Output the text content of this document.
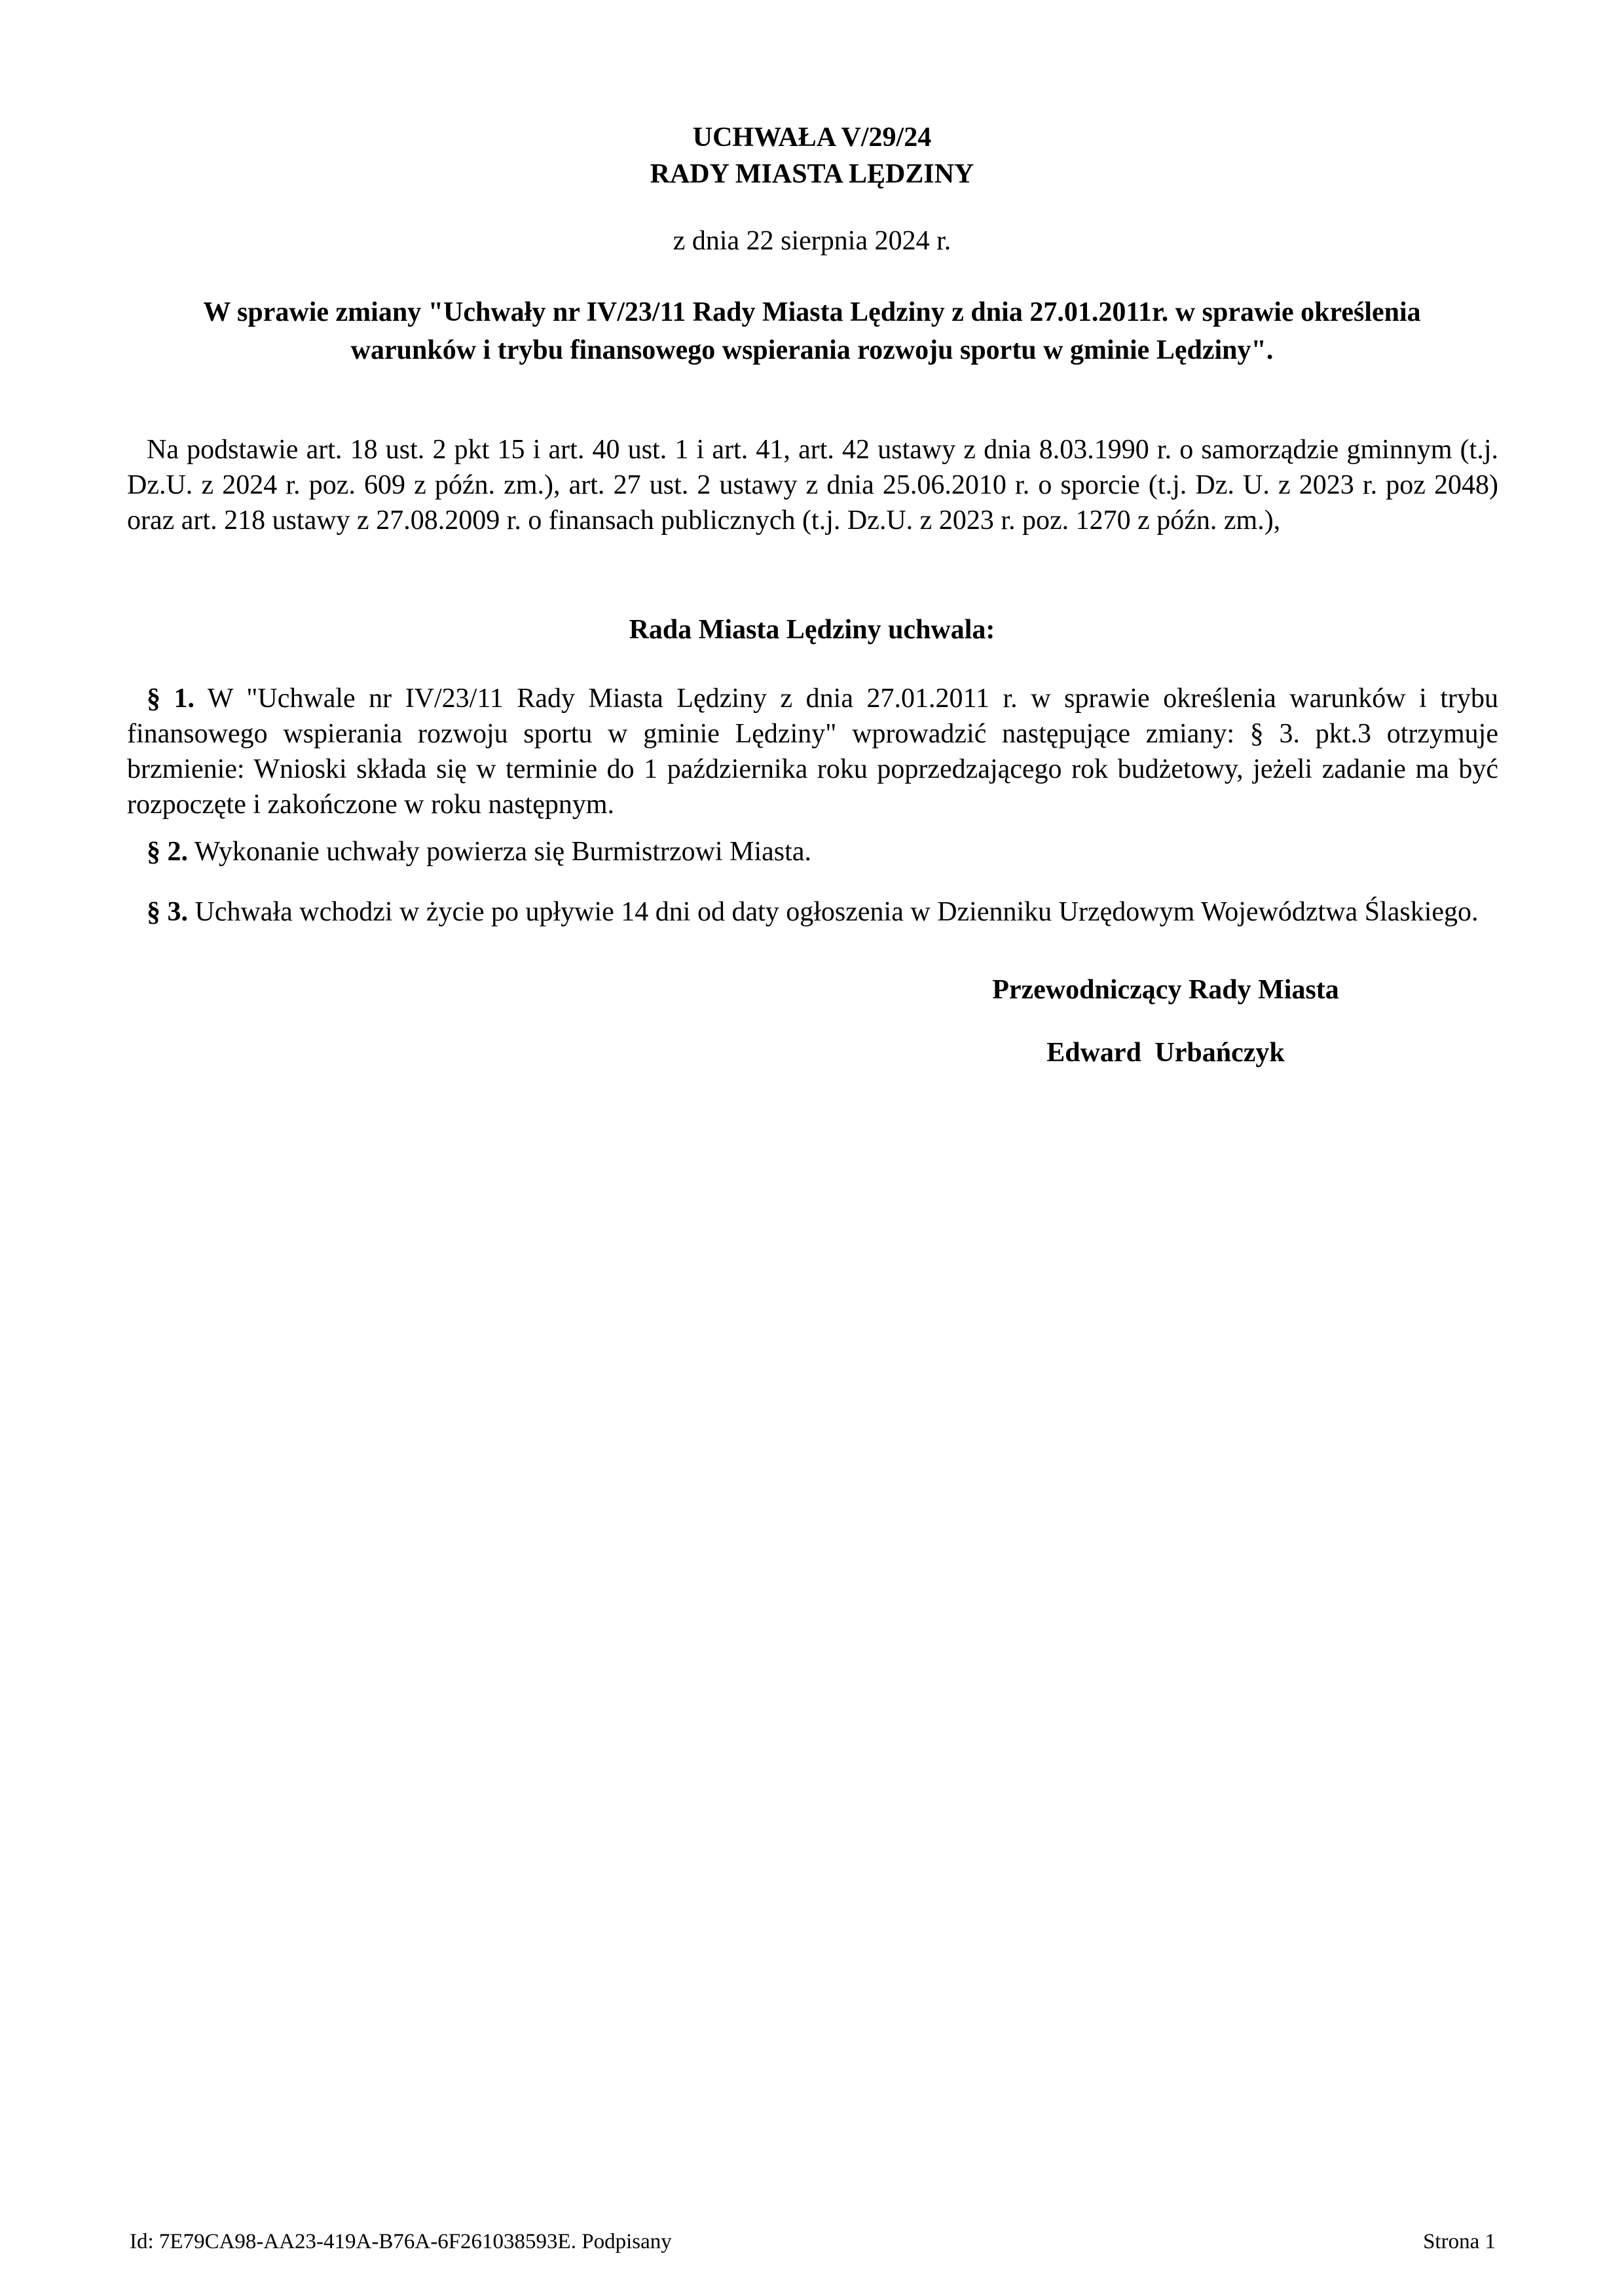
UCHWAŁA V/29/24
RADY MIASTA LĘDZINY
z dnia 22 sierpnia 2024 r.
W sprawie zmiany "Uchwały nr IV/23/11 Rady Miasta Lędziny z dnia 27.01.2011r. w sprawie określenia
warunków i trybu finansowego wspierania rozwoju sportu w gminie Lędziny".
Na podstawie art. 18 ust. 2 pkt 15 i art. 40 ust. 1 i art. 41, art. 42 ustawy z dnia 8.03.1990 r. o samorządzie gminnym (t.j. Dz.U. z 2024 r. poz. 609 z późn. zm.), art. 27 ust. 2 ustawy z dnia 25.06.2010 r. o sporcie (t.j. Dz. U. z 2023 r. poz 2048) oraz art. 218 ustawy z 27.08.2009 r. o finansach publicznych (t.j. Dz.U. z 2023 r. poz. 1270 z późn. zm.),
Rada Miasta Lędziny uchwala:
§ 1. W "Uchwale nr IV/23/11 Rady Miasta Lędziny z dnia 27.01.2011 r. w sprawie określenia warunków i trybu finansowego wspierania rozwoju sportu w gminie Lędziny" wprowadzić następujące zmiany: § 3. pkt.3 otrzymuje brzmienie: Wnioski składa się w terminie do 1 października roku poprzedzającego rok budżetowy, jeżeli zadanie ma być rozpoczęte i zakończone w roku następnym.
§ 2. Wykonanie uchwały powierza się Burmistrzowi Miasta.
§ 3. Uchwała wchodzi w życie po upływie 14 dni od daty ogłoszenia w Dzienniku Urzędowym Województwa Ślaskiego.
Przewodniczący Rady Miasta
Edward Urbańczyk
Id: 7E79CA98-AA23-419A-B76A-6F261038593E. Podpisany	Strona 1
